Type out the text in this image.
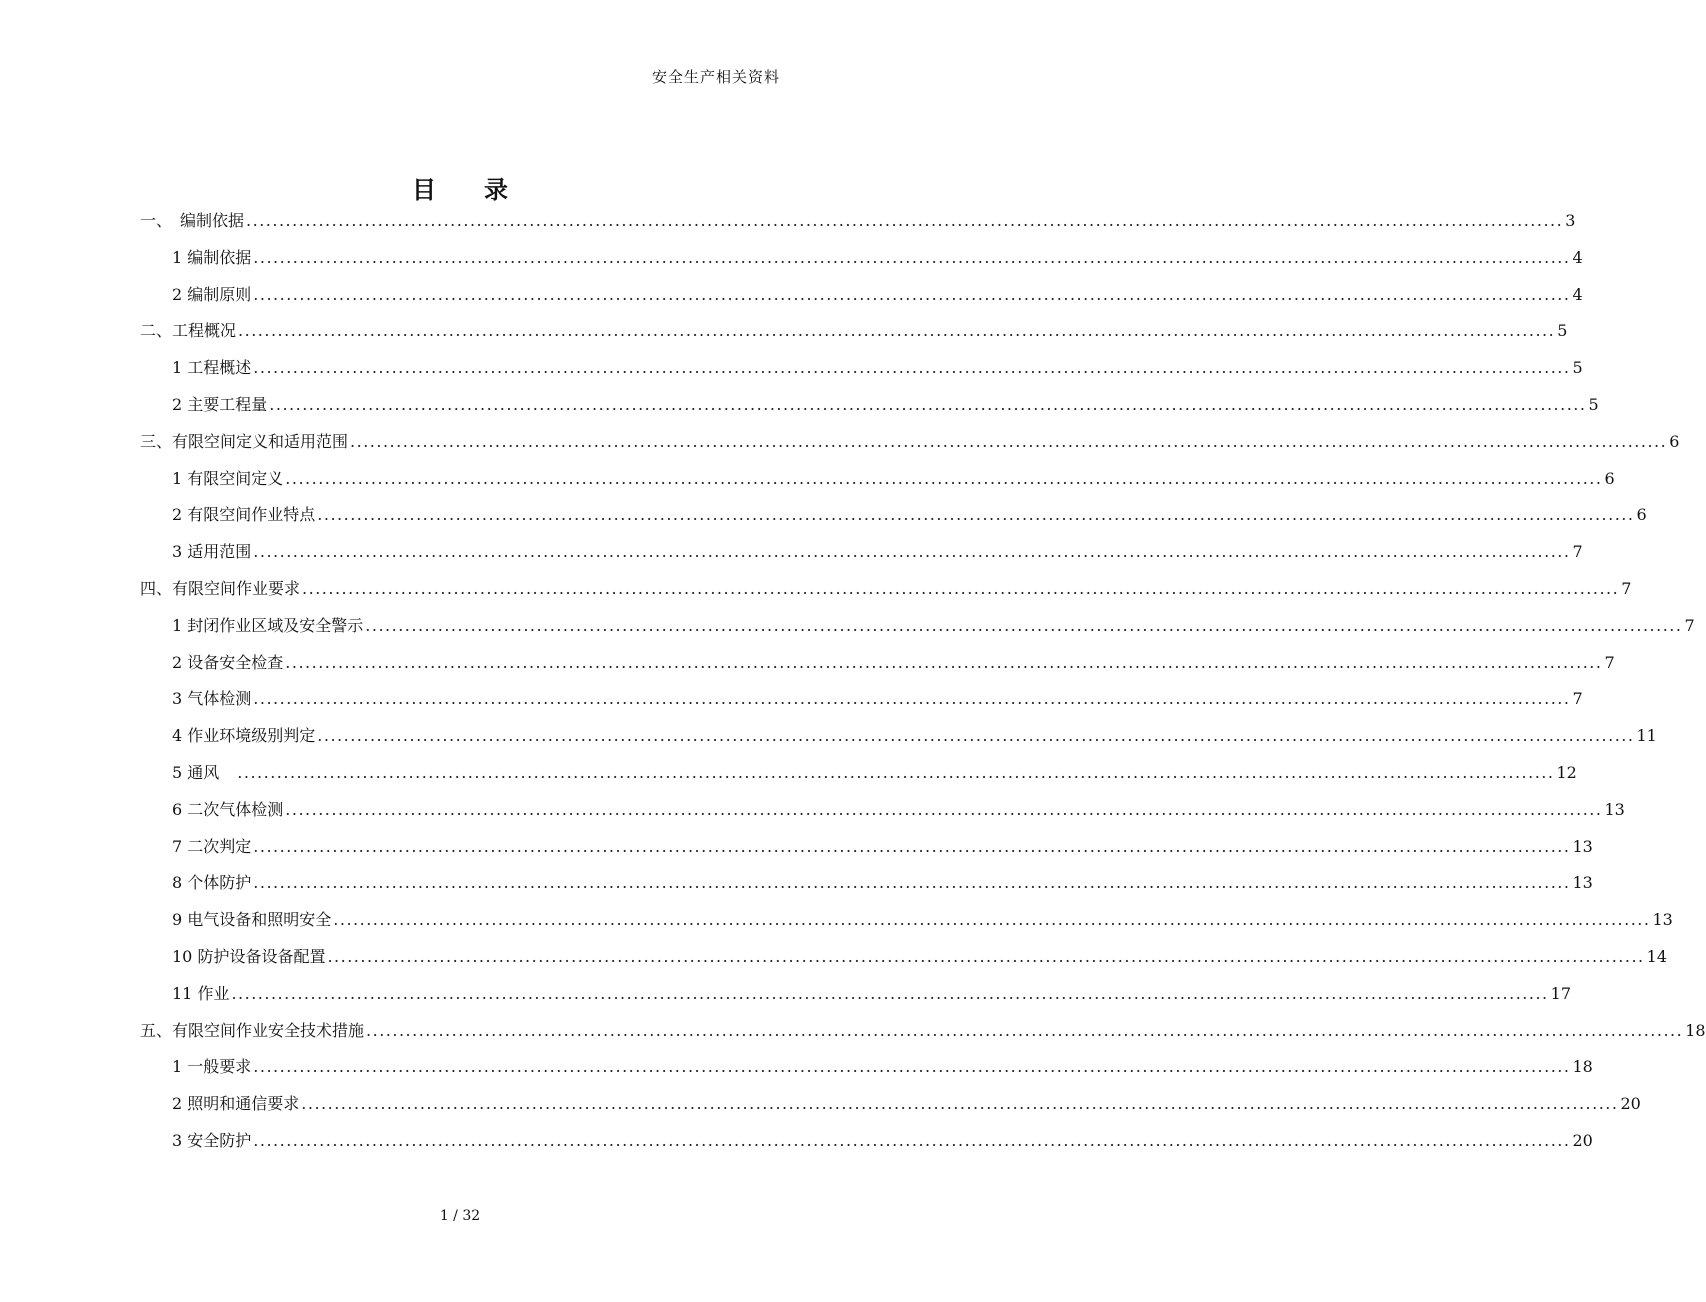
安全生产相关资料
目录
一、　编制依据 ........................................................................................................................................................................................................ 3
1 编制依据 ........................................................................................................................................................................................................ 4
2 编制原则 ........................................................................................................................................................................................................ 4
二、工程概况 ........................................................................................................................................................................................................ 5
1 工程概述 ........................................................................................................................................................................................................ 5
2 主要工程量 ........................................................................................................................................................................................................ 5
三、有限空间定义和适用范围 ........................................................................................................................................................................................................ 6
1 有限空间定义 ........................................................................................................................................................................................................ 6
2 有限空间作业特点 ........................................................................................................................................................................................................ 6
3 适用范围 ........................................................................................................................................................................................................ 7
四、有限空间作业要求 ........................................................................................................................................................................................................ 7
1 封闭作业区域及安全警示 ........................................................................................................................................................................................................ 7
2 设备安全检查 ........................................................................................................................................................................................................ 7
3 气体检测 ........................................................................................................................................................................................................ 7
4 作业环境级别判定 ........................................................................................................................................................................................................ 11
5 通风　 ........................................................................................................................................................................................................ 12
6 二次气体检测 ........................................................................................................................................................................................................ 13
7 二次判定 ........................................................................................................................................................................................................ 13
8 个体防护 ........................................................................................................................................................................................................ 13
9 电气设备和照明安全 ........................................................................................................................................................................................................ 13
10 防护设备设备配置 ........................................................................................................................................................................................................ 14
11 作业 ........................................................................................................................................................................................................ 17
五、有限空间作业安全技术措施 ........................................................................................................................................................................................................ 18
1 一般要求 ........................................................................................................................................................................................................ 18
2 照明和通信要求 ........................................................................................................................................................................................................ 20
3 安全防护 ........................................................................................................................................................................................................ 20
1 / 32
